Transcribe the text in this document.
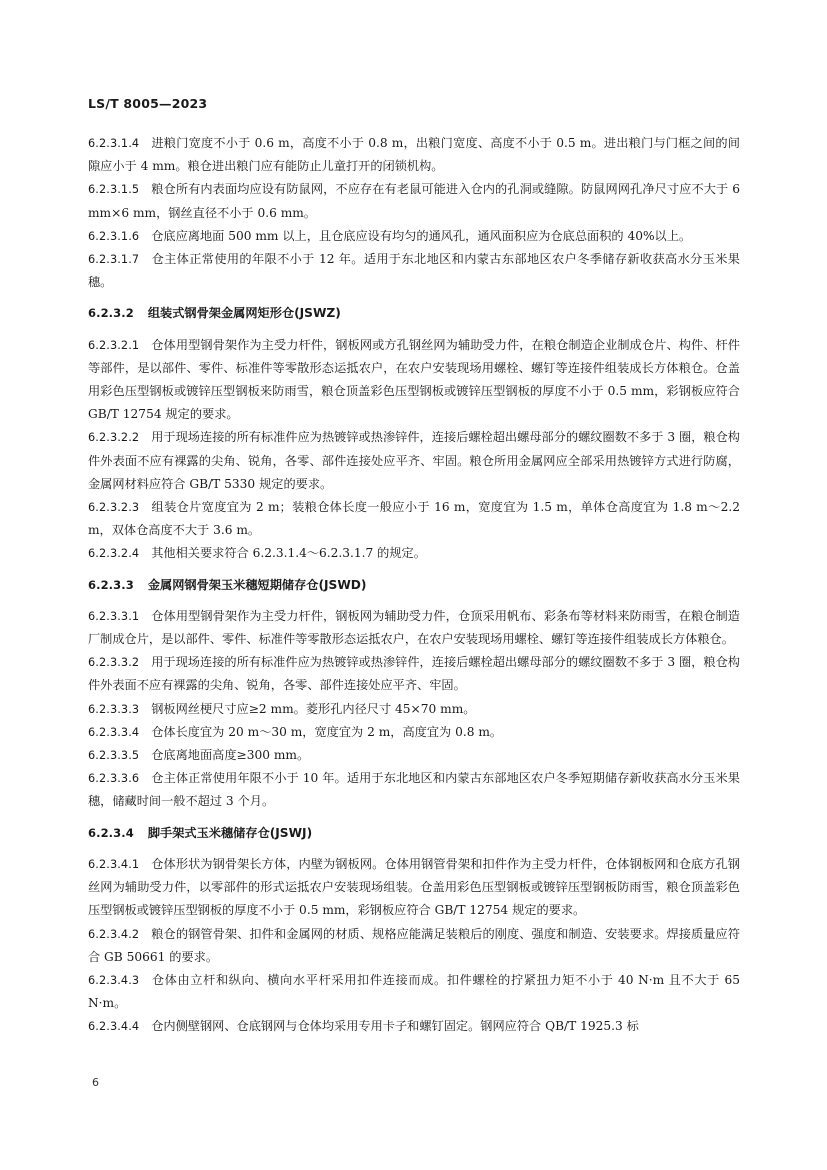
LS/T 8005—2023

6.2.3.1.4 进粮门宽度不小于 0.6 m，高度不小于 0.8 m，出粮门宽度、高度不小于 0.5 m。进出粮门与门框之间的间隙应小于 4 mm。粮仓进出粮门应有能防止儿童打开的闭锁机构。

6.2.3.1.5 粮仓所有内表面均应设有防鼠网，不应存在有老鼠可能进入仓内的孔洞或缝隙。防鼠网网孔净尺寸应不大于 6 mm×6 mm，钢丝直径不小于 0.6 mm。

6.2.3.1.6 仓底应离地面 500 mm 以上，且仓底应设有均匀的通风孔，通风面积应为仓底总面积的 40%以上。

6.2.3.1.7 仓主体正常使用的年限不小于 12 年。适用于东北地区和内蒙古东部地区农户冬季储存新收获高水分玉米果穗。

6.2.3.2 组装式钢骨架金属网矩形仓(JSWZ)

6.2.3.2.1 仓体用型钢骨架作为主受力杆件，钢板网或方孔钢丝网为辅助受力件，在粮仓制造企业制成仓片、构件、杆件等部件，是以部件、零件、标准件等零散形态运抵农户，在农户安装现场用螺栓、螺钉等连接件组装成长方体粮仓。仓盖用彩色压型钢板或镀锌压型钢板来防雨雪，粮仓顶盖彩色压型钢板或镀锌压型钢板的厚度不小于 0.5 mm，彩钢板应符合 GB/T 12754 规定的要求。

6.2.3.2.2 用于现场连接的所有标准件应为热镀锌或热渗锌件，连接后螺栓超出螺母部分的螺纹圈数不多于 3 圈，粮仓构件外表面不应有裸露的尖角、锐角，各零、部件连接处应平齐、牢固。粮仓所用金属网应全部采用热镀锌方式进行防腐，金属网材料应符合 GB/T 5330 规定的要求。

6.2.3.2.3 组装仓片宽度宜为 2 m；装粮仓体长度一般应小于 16 m，宽度宜为 1.5 m，单体仓高度宜为 1.8 m～2.2 m，双体仓高度不大于 3.6 m。

6.2.3.2.4 其他相关要求符合 6.2.3.1.4～6.2.3.1.7 的规定。

6.2.3.3 金属网钢骨架玉米穗短期储存仓(JSWD)

6.2.3.3.1 仓体用型钢骨架作为主受力杆件，钢板网为辅助受力件，仓顶采用帆布、彩条布等材料来防雨雪，在粮仓制造厂制成仓片，是以部件、零件、标准件等零散形态运抵农户，在农户安装现场用螺栓、螺钉等连接件组装成长方体粮仓。

6.2.3.3.2 用于现场连接的所有标准件应为热镀锌或热渗锌件，连接后螺栓超出螺母部分的螺纹圈数不多于 3 圈，粮仓构件外表面不应有裸露的尖角、锐角，各零、部件连接处应平齐、牢固。

6.2.3.3.3 钢板网丝梗尺寸应≥2 mm。菱形孔内径尺寸 45×70 mm。

6.2.3.3.4 仓体长度宜为 20 m～30 m，宽度宜为 2 m，高度宜为 0.8 m。

6.2.3.3.5 仓底离地面高度≥300 mm。

6.2.3.3.6 仓主体正常使用年限不小于 10 年。适用于东北地区和内蒙古东部地区农户冬季短期储存新收获高水分玉米果穗，储藏时间一般不超过 3 个月。

6.2.3.4 脚手架式玉米穗储存仓(JSWJ)

6.2.3.4.1 仓体形状为钢骨架长方体，内壁为钢板网。仓体用钢管骨架和扣件作为主受力杆件，仓体钢板网和仓底方孔钢丝网为辅助受力件，以零部件的形式运抵农户安装现场组装。仓盖用彩色压型钢板或镀锌压型钢板防雨雪，粮仓顶盖彩色压型钢板或镀锌压型钢板的厚度不小于 0.5 mm，彩钢板应符合 GB/T 12754 规定的要求。

6.2.3.4.2 粮仓的钢管骨架、扣件和金属网的材质、规格应能满足装粮后的刚度、强度和制造、安装要求。焊接质量应符合 GB 50661 的要求。

6.2.3.4.3 仓体由立杆和纵向、横向水平杆采用扣件连接而成。扣件螺栓的拧紧扭力矩不小于 40 N·m 且不大于 65 N·m。

6.2.3.4.4 仓内侧壁钢网、仓底钢网与仓体均采用专用卡子和螺钉固定。钢网应符合 QB/T 1925.3 标

6
